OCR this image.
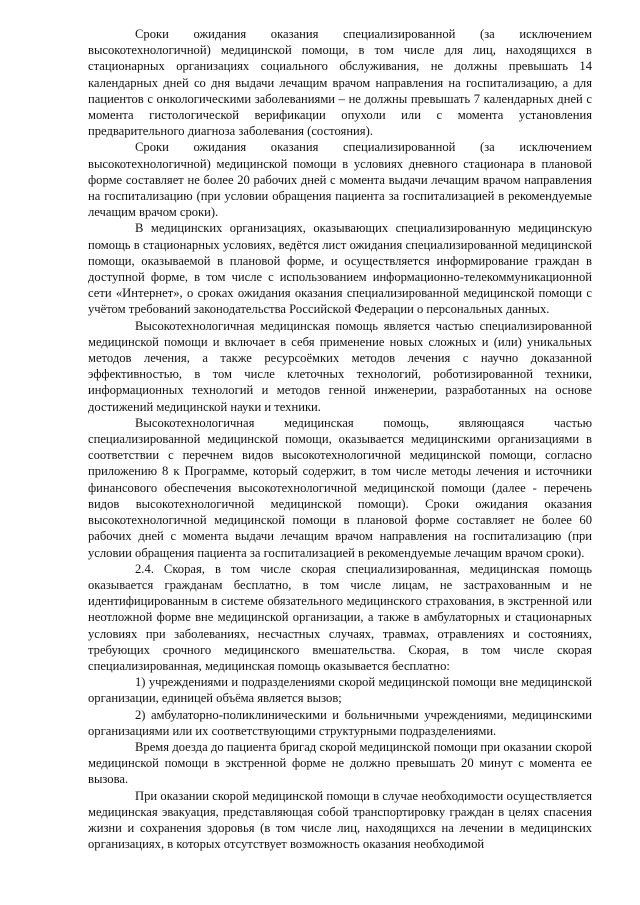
Сроки ожидания оказания специализированной (за исключением высокотехнологичной) медицинской помощи, в том числе для лиц, находящихся в стационарных организациях социального обслуживания, не должны превышать 14 календарных дней со дня выдачи лечащим врачом направления на госпитализацию, а для пациентов с онкологическими заболеваниями – не должны превышать 7 календарных дней с момента гистологической верификации опухоли или с момента установления предварительного диагноза заболевания (состояния).

Сроки ожидания оказания специализированной (за исключением высокотехнологичной) медицинской помощи в условиях дневного стационара в плановой форме составляет не более 20 рабочих дней с момента выдачи лечащим врачом направления на госпитализацию (при условии обращения пациента за госпитализацией в рекомендуемые лечащим врачом сроки).

В медицинских организациях, оказывающих специализированную медицинскую помощь в стационарных условиях, ведётся лист ожидания специализированной медицинской помощи, оказываемой в плановой форме, и осуществляется информирование граждан в доступной форме, в том числе с использованием информационно-телекоммуникационной сети «Интернет», о сроках ожидания оказания специализированной медицинской помощи с учётом требований законодательства Российской Федерации о персональных данных.

Высокотехнологичная медицинская помощь является частью специализированной медицинской помощи и включает в себя применение новых сложных и (или) уникальных методов лечения, а также ресурсоёмких методов лечения с научно доказанной эффективностью, в том числе клеточных технологий, роботизированной техники, информационных технологий и методов генной инженерии, разработанных на основе достижений медицинской науки и техники.

Высокотехнологичная медицинская помощь, являющаяся частью специализированной медицинской помощи, оказывается медицинскими организациями в соответствии с перечнем видов высокотехнологичной медицинской помощи, согласно приложению 8 к Программе, который содержит, в том числе методы лечения и источники финансового обеспечения высокотехнологичной медицинской помощи (далее - перечень видов высокотехнологичной медицинской помощи). Сроки ожидания оказания высокотехнологичной медицинской помощи в плановой форме составляет не более 60 рабочих дней с момента выдачи лечащим врачом направления на госпитализацию (при условии обращения пациента за госпитализацией в рекомендуемые лечащим врачом сроки).

2.4. Скорая, в том числе скорая специализированная, медицинская помощь оказывается гражданам бесплатно, в том числе лицам, не застрахованным и не идентифицированным в системе обязательного медицинского страхования, в экстренной или неотложной форме вне медицинской организации, а также в амбулаторных и стационарных условиях при заболеваниях, несчастных случаях, травмах, отравлениях и состояниях, требующих срочного медицинского вмешательства. Скорая, в том числе скорая специализированная, медицинская помощь оказывается бесплатно:

1) учреждениями и подразделениями скорой медицинской помощи вне медицинской организации, единицей объёма является вызов;

2) амбулаторно-поликлиническими и больничными учреждениями, медицинскими организациями или их соответствующими структурными подразделениями.

Время доезда до пациента бригад скорой медицинской помощи при оказании скорой медицинской помощи в экстренной форме не должно превышать 20 минут с момента ее вызова.

При оказании скорой медицинской помощи в случае необходимости осуществляется медицинская эвакуация, представляющая собой транспортировку граждан в целях спасения жизни и сохранения здоровья (в том числе лиц, находящихся на лечении в медицинских организациях, в которых отсутствует возможность оказания необходимой
